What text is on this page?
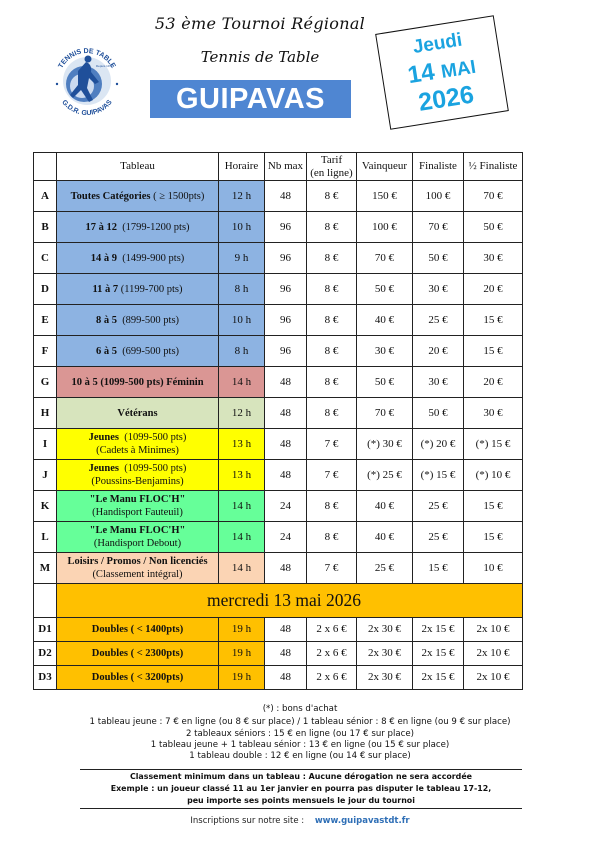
TENNIS DE TABLE
G.D.R. GUIPAVAS
Depuis 1971
53 ème Tournoi Régional
Tennis de Table
GUIPAVAS
Jeudi
14 MAI
2026
	Tableau	Horaire	Nb max	Tarif
(en ligne)	Vainqueur	Finaliste	½ Finaliste
A	Toutes Catégories ( ≥ 1500pts)	12 h	48	8 €	150 €	100 €	70 €
B	17 à 12  (1799-1200 pts)	10 h	96	8 €	100 €	70 €	50 €
C	14 à 9  (1499-900 pts)	9 h	96	8 €	70 €	50 €	30 €
D	11 à 7 (1199-700 pts)	8 h	96	8 €	50 €	30 €	20 €
E	8 à 5  (899-500 pts)	10 h	96	8 €	40 €	25 €	15 €
F	6 à 5  (699-500 pts)	8 h	96	8 €	30 €	20 €	15 €
G	10 à 5 (1099-500 pts) Féminin	14 h	48	8 €	50 €	30 €	20 €
H	Vétérans	12 h	48	8 €	70 €	50 €	30 €
I	Jeunes  (1099-500 pts)
(Cadets à Minimes)	13 h	48	7 €	(*) 30 €	(*) 20 €	(*) 15 €
J	Jeunes  (1099-500 pts)
(Poussins-Benjamins)	13 h	48	7 €	(*) 25 €	(*) 15 €	(*) 10 €
K	"Le Manu FLOC'H"
(Handisport Fauteuil)	14 h	24	8 €	40 €	25 €	15 €
L	"Le Manu FLOC'H"
(Handisport Debout)	14 h	24	8 €	40 €	25 €	15 €
M	Loisirs / Promos / Non licenciés
(Classement intégral)	14 h	48	7 €	25 €	15 €	10 €
	mercredi 13 mai 2026						
D1	Doubles ( < 1400pts)	19 h	48	2 x 6 €	2x 30 €	2x 15 €	2x 10 €
D2	Doubles ( < 2300pts)	19 h	48	2 x 6 €	2x 30 €	2x 15 €	2x 10 €
D3	Doubles ( < 3200pts)	19 h	48	2 x 6 €	2x 30 €	2x 15 €	2x 10 €
(*) : bons d'achat
1 tableau jeune : 7 € en ligne (ou 8 € sur place) / 1 tableau sénior : 8 € en ligne (ou 9 € sur place)
2 tableaux séniors : 15 € en ligne (ou 17 € sur place)
1 tableau jeune + 1 tableau sénior : 13 € en ligne (ou 15 € sur place)
1 tableau double : 12 € en ligne (ou 14 € sur place)
Classement minimum dans un tableau : Aucune dérogation ne sera accordée
Exemple : un joueur classé 11 au 1er janvier en pourra pas disputer le tableau 17-12,
peu importe ses points mensuels le jour du tournoi
Inscriptions sur notre site : www.guipavastdt.fr
